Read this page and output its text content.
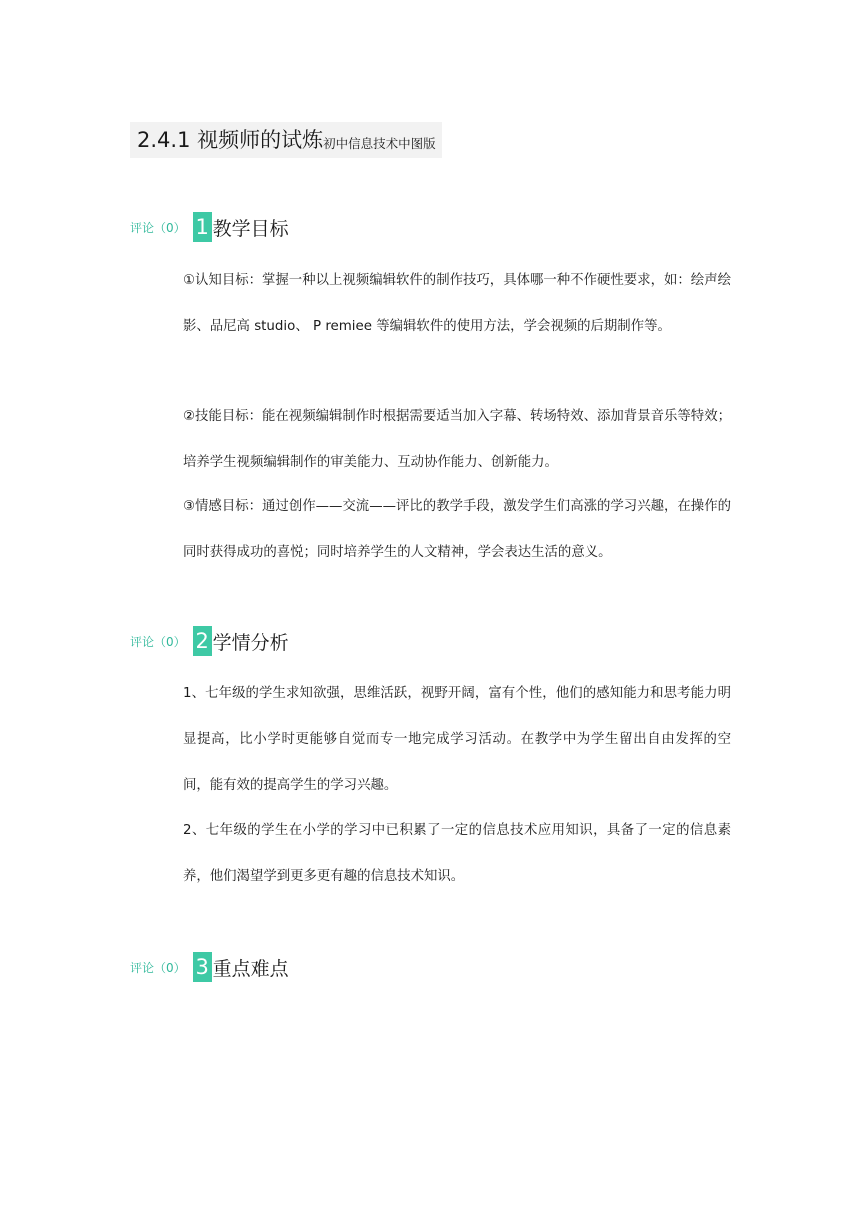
2.4.1 视频师的试炼 初中信息技术中图版
评论（0） 1 教学目标
①认知目标：掌握一种以上视频编辑软件的制作技巧，具体哪一种不作硬性要求，如：绘声绘影、品尼高 studio、 P remiee 等编辑软件的使用方法，学会视频的后期制作等。
②技能目标：能在视频编辑制作时根据需要适当加入字幕、转场特效、添加背景音乐等特效；培养学生视频编辑制作的审美能力、互动协作能力、创新能力。
③情感目标：通过创作——交流——评比的教学手段，激发学生们高涨的学习兴趣，在操作的同时获得成功的喜悦；同时培养学生的人文精神，学会表达生活的意义。
评论（0） 2 学情分析
1、七年级的学生求知欲强，思维活跃，视野开阔，富有个性，他们的感知能力和思考能力明显提高，比小学时更能够自觉而专一地完成学习活动。在教学中为学生留出自由发挥的空间，能有效的提高学生的学习兴趣。
2、七年级的学生在小学的学习中已积累了一定的信息技术应用知识，具备了一定的信息素养，他们渴望学到更多更有趣的信息技术知识。
评论（0） 3 重点难点
